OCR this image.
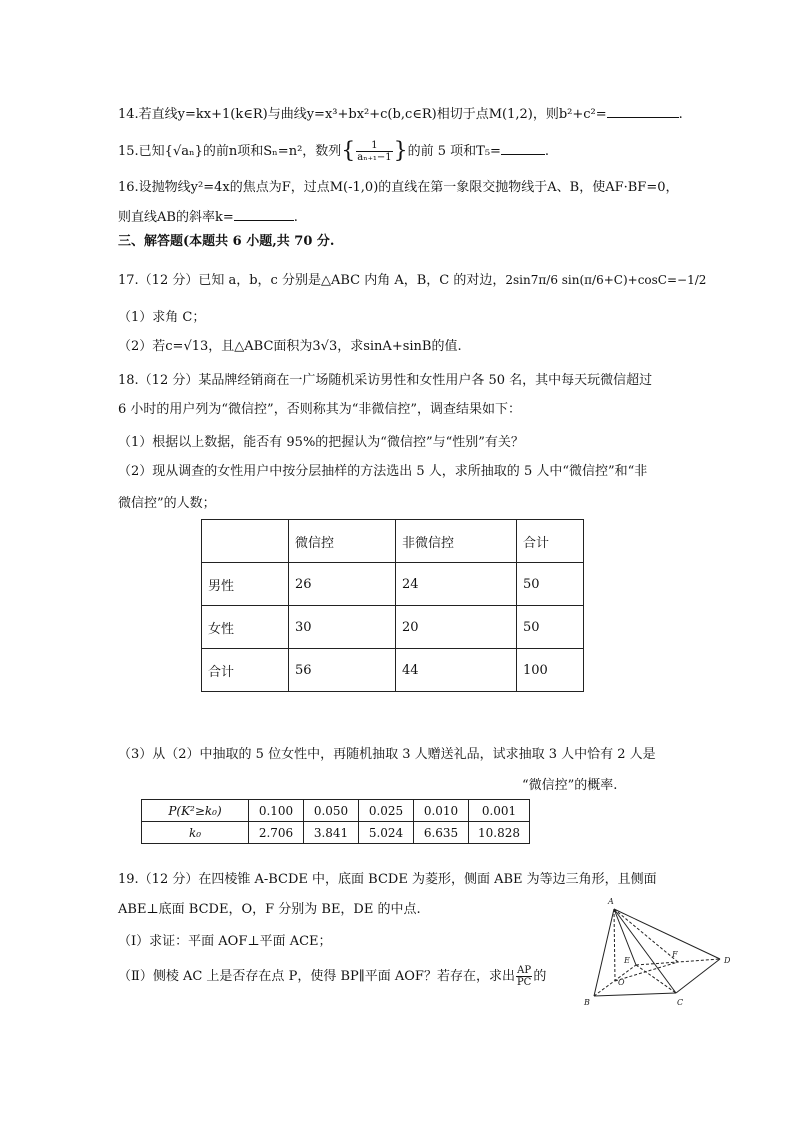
14.若直线y=kx+1(k∈R)与曲线y=x³+bx²+c(b,c∈R)相切于点M(1,2)，则b²+c²=	.
15.已知{√aₙ}的前n项和Sₙ=n²，数列{ $\frac{1}{\text{aₙ₊₁−1}}$ }的前 5 项和T₅=	.
16.设抛物线y²=4x的焦点为F，过点M(-1,0)的直线在第一象限交抛物线于A、B，使AF·BF=0，
则直线AB的斜率k=	.
三、解答题(本题共 6 小题,共 70 分.
17.（12 分）已知 a，b，c 分别是△ABC 内角 A，B，C 的对边，2sin7π/6 sin(π/6+C)+cosC=−1/2
（1）求角 C；
（2）若c=√13，且△ABC面积为3√3，求sinA+sinB的值.
18.（12 分）某品牌经销商在一广场随机采访男性和女性用户各 50 名，其中每天玩微信超过
6 小时的用户列为“微信控”，否则称其为“非微信控”，调查结果如下：
（1）根据以上数据，能否有 95%的把握认为“微信控”与“性别”有关？
（2）现从调查的女性用户中按分层抽样的方法选出 5 人，求所抽取的 5 人中“微信控”和“非
微信控”的人数；
	微信控	非微信控	合计
男性	26	24	50
女性	30	20	50
合计	56	44	100
（3）从（2）中抽取的 5 位女性中，再随机抽取 3 人赠送礼品，试求抽取 3 人中恰有 2 人是
“微信控”的概率.
P(K²≥k₀)	0.100	0.050	0.025	0.010	0.001
k₀	2.706	3.841	5.024	6.635	10.828
19.（12 分）在四棱锥 A-BCDE 中，底面 BCDE 为菱形，侧面 ABE 为等边三角形，且侧面
ABE⊥底面 BCDE，O，F 分别为 BE，DE 的中点.
（Ⅰ）求证：平面 AOF⊥平面 ACE；
（Ⅱ）侧棱 AC 上是否存在点 P，使得 BP∥平面 AOF？若存在，求出 $\frac{AP}{PC}$ 的
A
B	C
D
E
F
O
